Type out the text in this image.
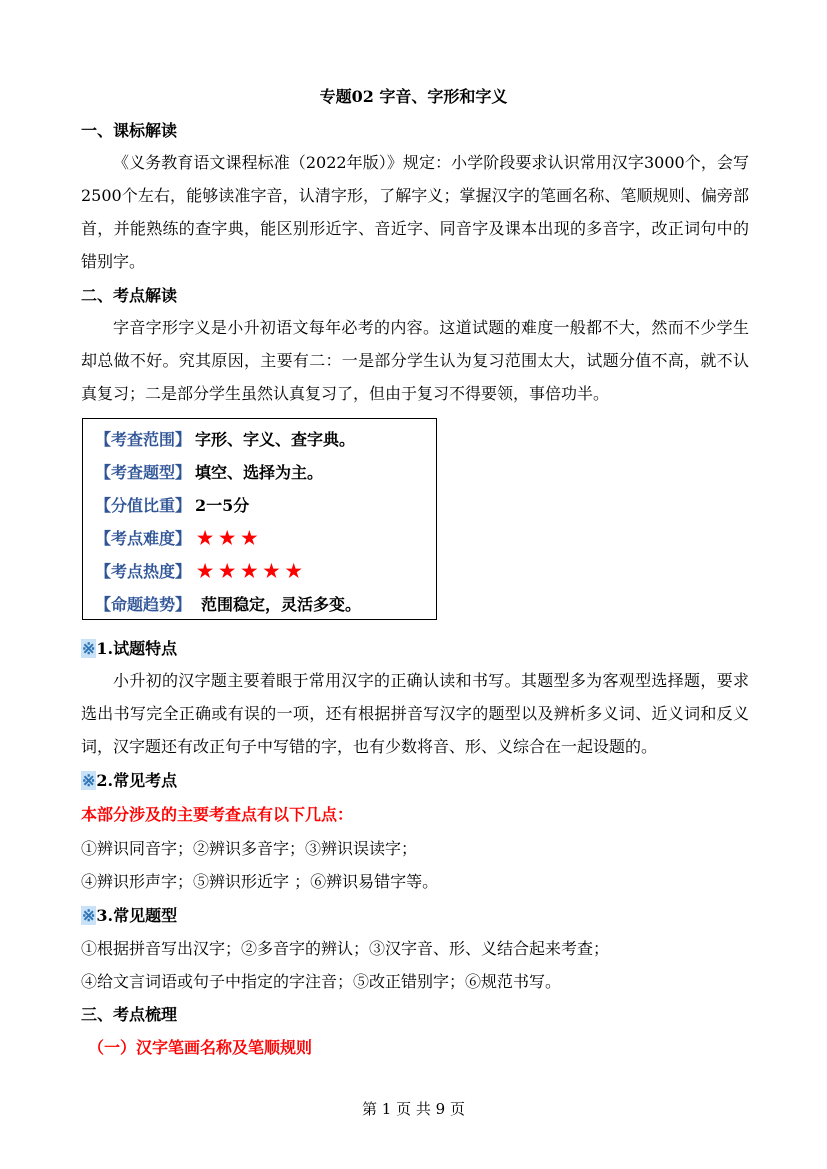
专题02 字音、字形和字义
一、课标解读

《义务教育语文课程标准（2022年版）》规定：小学阶段要求认识常用汉字3000个，会写2500个左右，能够读准字音，认清字形，了解字义；掌握汉字的笔画名称、笔顺规则、偏旁部首，并能熟练的查字典，能区别形近字、音近字、同音字及课本出现的多音字，改正词句中的错别字。

二、考点解读

字音字形字义是小升初语文每年必考的内容。这道试题的难度一般都不大，然而不少学生却总做不好。究其原因，主要有二：一是部分学生认为复习范围太大，试题分值不高，就不认真复习；二是部分学生虽然认真复习了，但由于复习不得要领，事倍功半。

【考查范围】 字形、字义、查字典。
【考查题型】 填空、选择为主。
【分值比重】 2一5分
【考点难度】 ★★★
【考点热度】 ★★★★★
【命题趋势】 范围稳定，灵活多变。
※1.试题特点

小升初的汉字题主要着眼于常用汉字的正确认读和书写。其题型多为客观型选择题，要求选出书写完全正确或有误的一项，还有根据拼音写汉字的题型以及辨析多义词、近义词和反义词，汉字题还有改正句子中写错的字，也有少数将音、形、义综合在一起设题的。

※2.常见考点
本部分涉及的主要考查点有以下几点：
①辨识同音字；②辨识多音字；③辨识误读字；
④辨识形声字；⑤辨识形近字 ；⑥辨识易错字等。
※3.常见题型
①根据拼音写出汉字；②多音字的辨认；③汉字音、形、义结合起来考查；
④给文言词语或句子中指定的字注音；⑤改正错别字；⑥规范书写。
三、考点梳理
（一）汉字笔画名称及笔顺规则
第 1 页 共 9 页
